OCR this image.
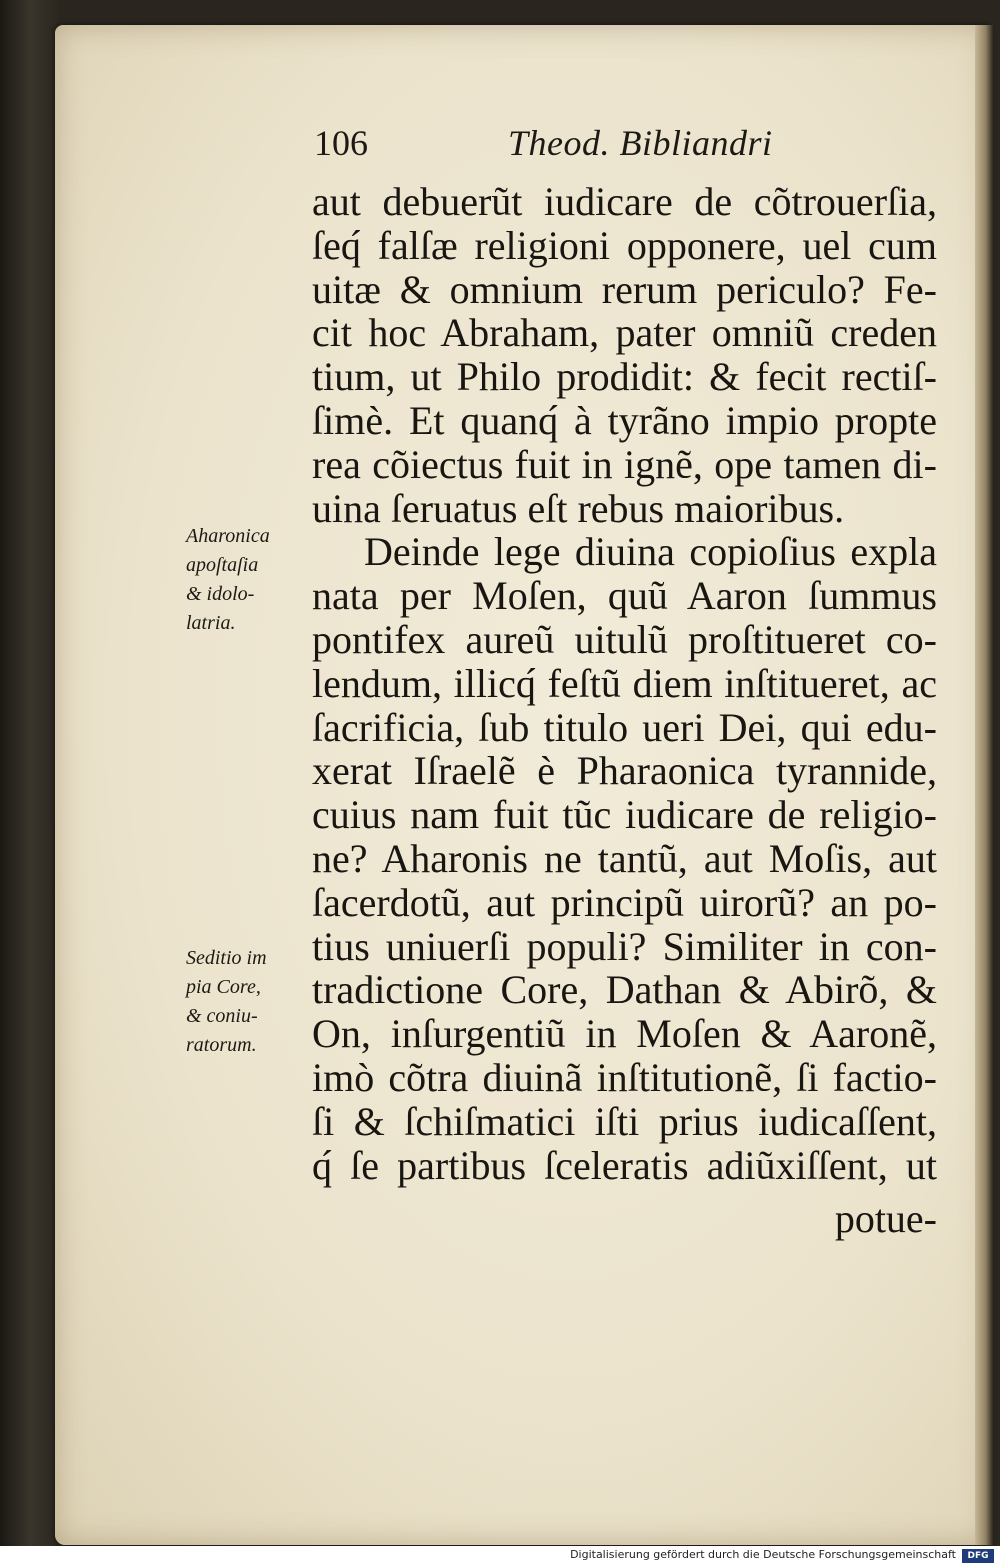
106	Theod. Bibliandri
Aharonica
apoſtaſia
& idolo-
latria.
Seditio im
pia Core,
& coniu-
ratorum.
aut debuerũt iudicare de cõtrouerſia,
ſeq́ falſæ religioni opponere, uel cum
uitæ & omnium rerum periculo? Fe-
cit hoc Abraham, pater omniũ creden
tium, ut Philo prodidit: & fecit rectiſ-
ſimè. Et quanq́ à tyrãno impio propte
rea cõiectus fuit in ignẽ, ope tamen di-
uina ſeruatus eſt rebus maioribus.
Deinde lege diuina copioſius expla
nata per Moſen, quũ Aaron ſummus
pontifex aureũ uitulũ proſtitueret co-
lendum, illicq́ feſtũ diem inſtitueret, ac
ſacrificia, ſub titulo ueri Dei, qui edu-
xerat Iſraelẽ è Pharaonica tyrannide,
cuius nam fuit tũc iudicare de religio-
ne? Aharonis ne tantũ, aut Moſis, aut
ſacerdotũ, aut principũ uirorũ? an po-
tius uniuerſi populi? Similiter in con-
tradictione Core, Dathan & Abirõ, &
On, inſurgentiũ in Moſen & Aaronẽ,
imò cõtra diuinã inſtitutionẽ, ſi factio-
ſi & ſchiſmatici iſti prius iudicaſſent,
q́ ſe partibus ſceleratis adiũxiſſent, ut
potue-
Digitalisierung gefördert durch die Deutsche Forschungsgemeinschaft	DFG
